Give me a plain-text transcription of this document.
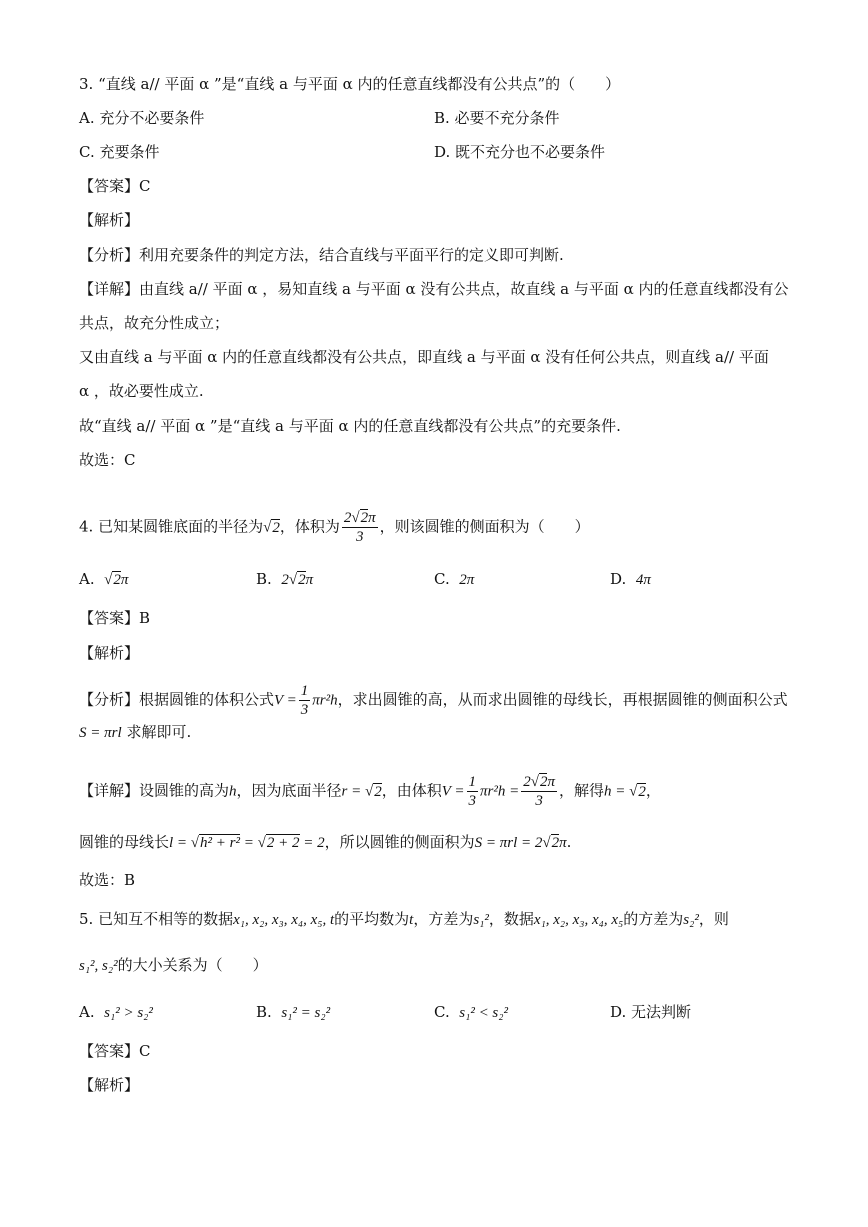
3. “直线 a// 平面 α ”是“直线 a 与平面 α 内的任意直线都没有公共点”的（　　）
A. 充分不必要条件	B. 必要不充分条件
C. 充要条件	D. 既不充分也不必要条件
【答案】C
【解析】
【分析】利用充要条件的判定方法，结合直线与平面平行的定义即可判断.
【详解】由直线 a// 平面 α ，易知直线 a 与平面 α 没有公共点，故直线 a 与平面 α 内的任意直线都没有公
共点，故充分性成立；
又由直线 a 与平面 α 内的任意直线都没有公共点，即直线 a 与平面 α 没有任何公共点，则直线 a// 平面
α ，故必要性成立.
故“直线 a// 平面 α ”是“直线 a 与平面 α 内的任意直线都没有公共点”的充要条件.
故选：C
4. 已知某圆锥底面的半径为√2，体积为 $\frac{2√2\pi}{3}$ ，则该圆锥的侧面积为（　　）
A. √2π	B. 2√2π	C. 2π	D. 4π
【答案】B
【解析】
【分析】根据圆锥的体积公式$V = \frac{1}{3} \pi r^2h$，求出圆锥的高，从而求出圆锥的母线长，再根据圆锥的侧面积公式
S = πrl 求解即可.
【详解】设圆锥的高为h，因为底面半径r = √2，由体积$V = \frac{1}{3} \pi r^2h = \frac{2√2\pi}{3}$ ，解得h = √2，
圆锥的母线长l = √h² + r² = √2 + 2 = 2，所以圆锥的侧面积为S = πrl = 2√2π.
故选：B
5. 已知互不相等的数据x₁, x₂, x₃, x₄, x₅, t的平均数为t，方差为s₁²，数据x₁, x₂, x₃, x₄, x₅的方差为s₂²，则
s₁², s₂²的大小关系为（　　）
A. s₁² > s₂²	B. s₁² = s₂²	C. s₁² < s₂²	D. 无法判断
【答案】C
【解析】
